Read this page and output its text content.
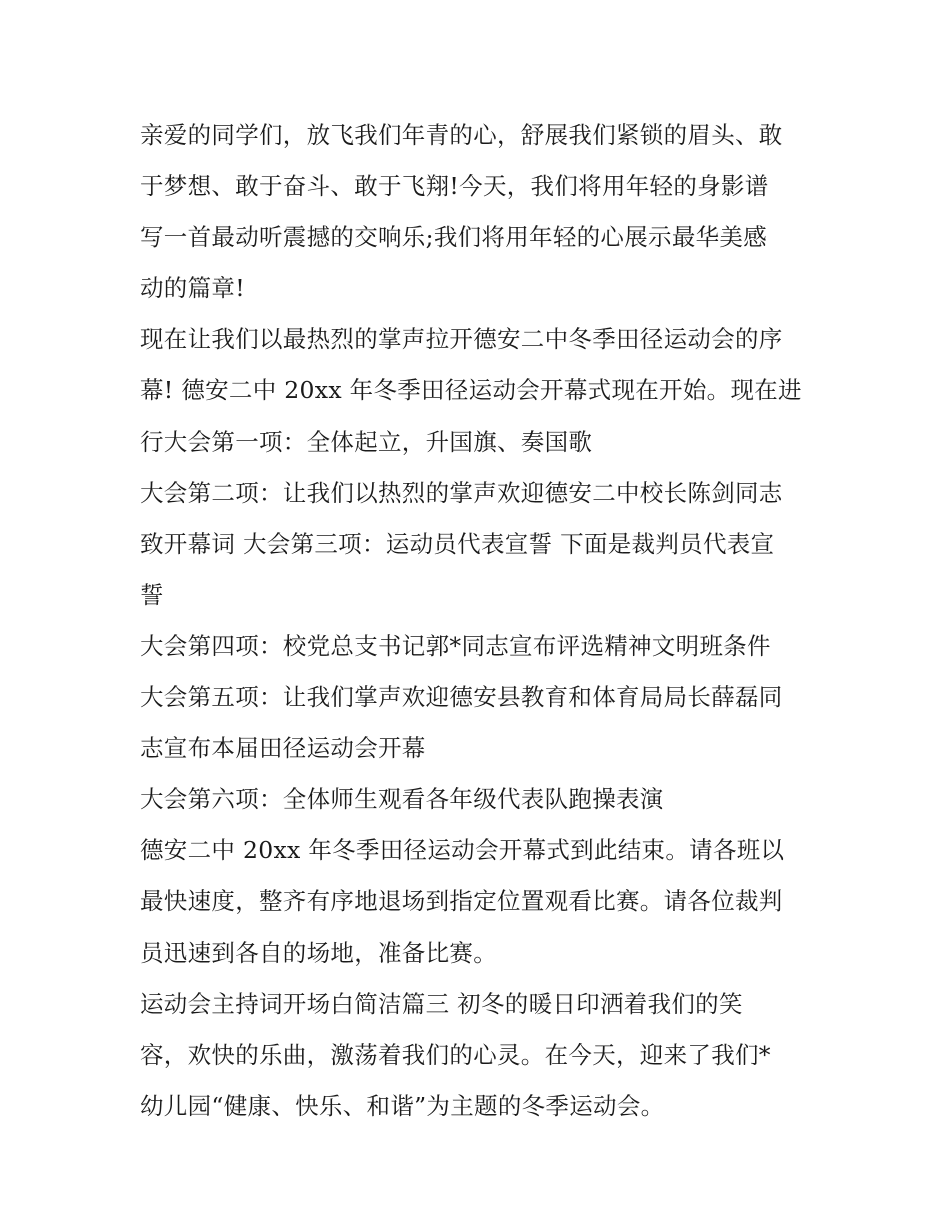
亲爱的同学们，放飞我们年青的心，舒展我们紧锁的眉头、敢
于梦想、敢于奋斗、敢于飞翔!今天，我们将用年轻的身影谱
写一首最动听震撼的交响乐;我们将用年轻的心展示最华美感
动的篇章!
现在让我们以最热烈的掌声拉开德安二中冬季田径运动会的序
幕! 德安二中 20xx 年冬季田径运动会开幕式现在开始。现在进
行大会第一项：全体起立，升国旗、奏国歌
大会第二项：让我们以热烈的掌声欢迎德安二中校长陈剑同志
致开幕词 大会第三项：运动员代表宣誓 下面是裁判员代表宣
誓
大会第四项：校党总支书记郭*同志宣布评选精神文明班条件
大会第五项：让我们掌声欢迎德安县教育和体育局局长薛磊同
志宣布本届田径运动会开幕
大会第六项：全体师生观看各年级代表队跑操表演
德安二中 20xx 年冬季田径运动会开幕式到此结束。请各班以
最快速度，整齐有序地退场到指定位置观看比赛。请各位裁判
员迅速到各自的场地，准备比赛。
运动会主持词开场白简洁篇三 初冬的暖日印洒着我们的笑
容，欢快的乐曲，激荡着我们的心灵。在今天，迎来了我们*
幼儿园“健康、快乐、和谐”为主题的冬季运动会。
